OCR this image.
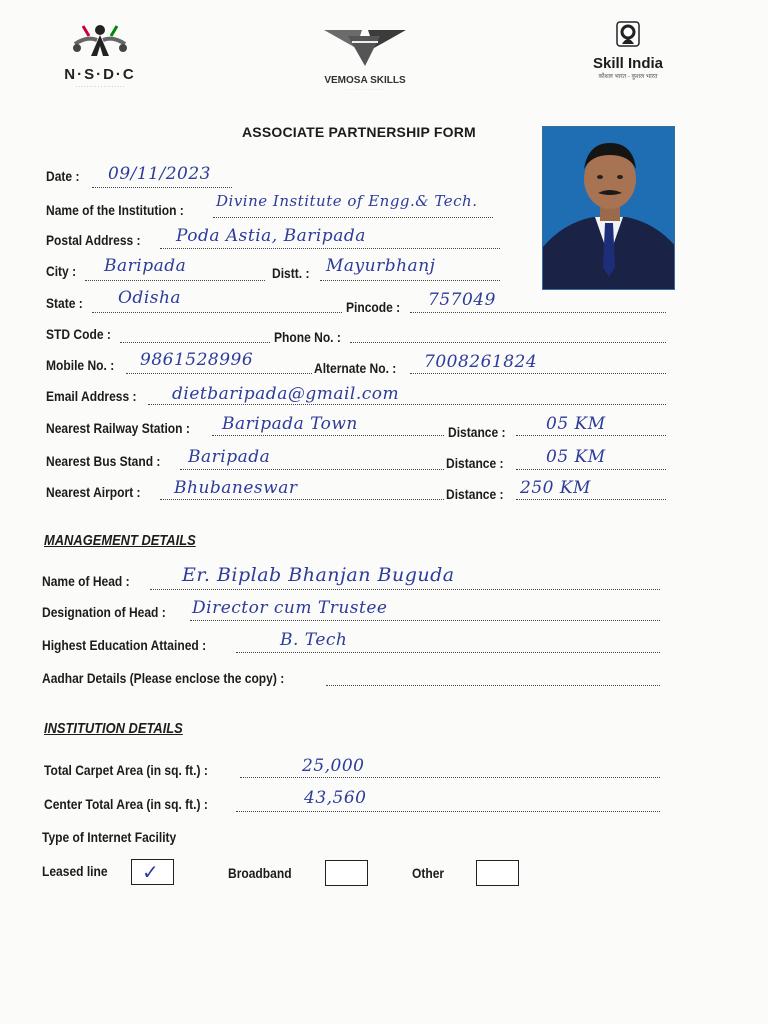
N·S·D·C
. . . . . . . . . . . . . . . . . .	VEMOSA SKILLS
. . . . . . . . . . . . . . . . . .
Skill India
कौशल भारत - कुशल भारत
ASSOCIATE PARTNERSHIP FORM
Date : 09/11/2023
Name of the Institution : Divine Institute of Engg.& Tech.
Postal Address : Poda Astia, Baripada
City : Baripada	Distt. : Mayurbhanj
State : Odisha	Pincode : 757049
STD Code :	Phone No. :
Mobile No. : 9861528996	Alternate No. : 7008261824
Email Address : dietbaripada@gmail.com
Nearest Railway Station : Baripada Town	Distance : 05 KM
Nearest Bus Stand : Baripada	Distance : 05 KM
Nearest Airport : Bhubaneswar	Distance : 250 KM
MANAGEMENT DETAILS
Name of Head :	Er. Biplab Bhanjan Buguda
Designation of Head : Director cum Trustee
Highest Education Attained :	B. Tech
Aadhar Details (Please enclose the copy) :
INSTITUTION DETAILS
Total Carpet Area (in sq. ft.) :	25,000
Center Total Area (in sq. ft.) :	43,560
Type of Internet Facility
Leased line ✓	Broadband	Other
